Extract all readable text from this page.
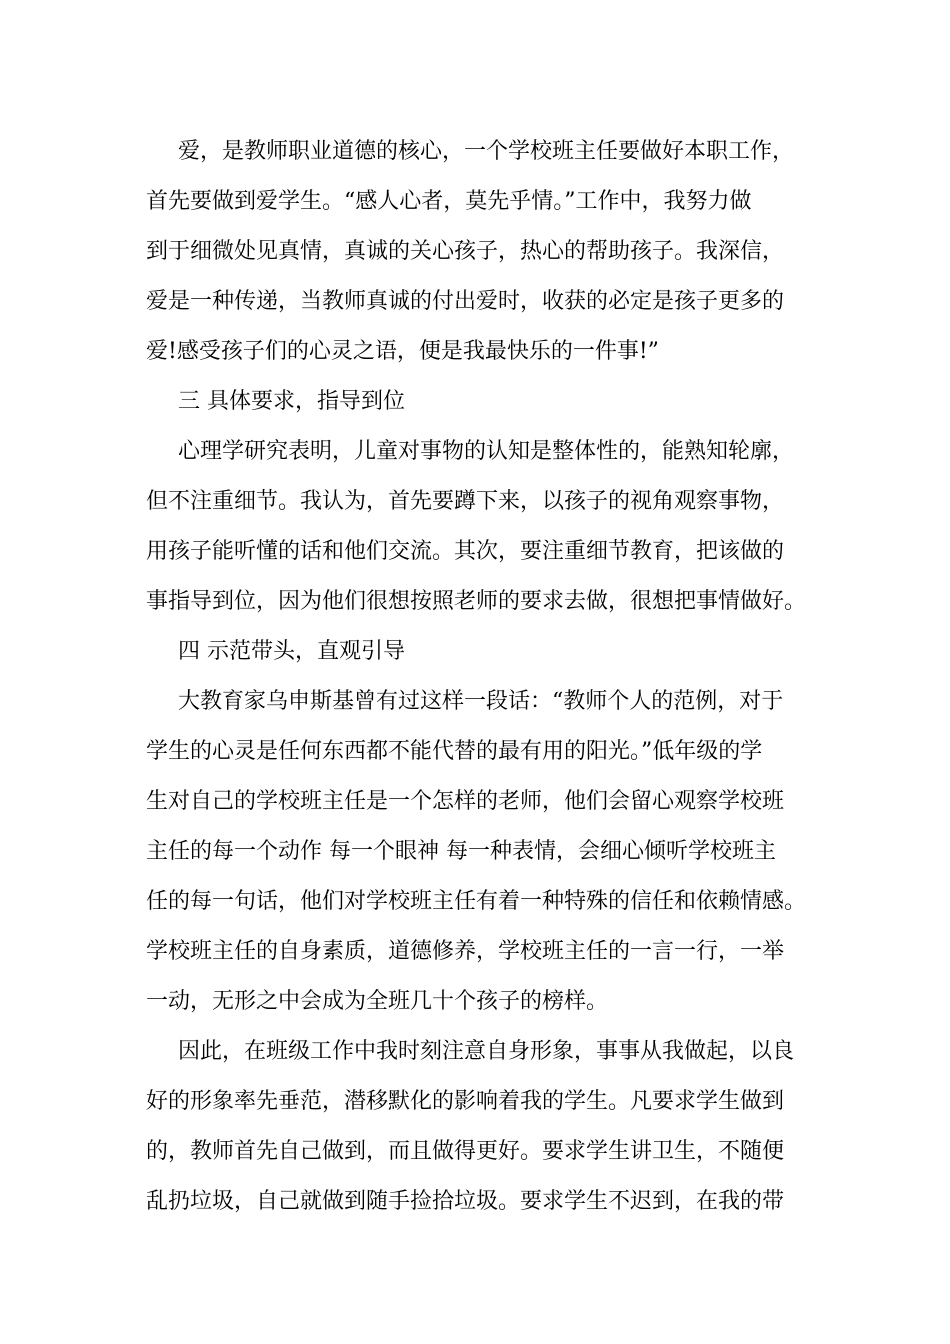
爱，是教师职业道德的核心，一个学校班主任要做好本职工作，
首先要做到爱学生。“感人心者，莫先乎情。”工作中，我努力做
到于细微处见真情，真诚的关心孩子，热心的帮助孩子。我深信，
爱是一种传递，当教师真诚的付出爱时，收获的必定是孩子更多的
爱!感受孩子们的心灵之语，便是我最快乐的一件事!”
三 具体要求，指导到位
心理学研究表明，儿童对事物的认知是整体性的，能熟知轮廓，
但不注重细节。我认为，首先要蹲下来，以孩子的视角观察事物，
用孩子能听懂的话和他们交流。其次，要注重细节教育，把该做的
事指导到位，因为他们很想按照老师的要求去做，很想把事情做好。
四 示范带头，直观引导
大教育家乌申斯基曾有过这样一段话：“教师个人的范例，对于
学生的心灵是任何东西都不能代替的最有用的阳光。”低年级的学
生对自己的学校班主任是一个怎样的老师，他们会留心观察学校班
主任的每一个动作 每一个眼神 每一种表情，会细心倾听学校班主
任的每一句话，他们对学校班主任有着一种特殊的信任和依赖情感。
学校班主任的自身素质，道德修养，学校班主任的一言一行，一举
一动，无形之中会成为全班几十个孩子的榜样。
因此，在班级工作中我时刻注意自身形象，事事从我做起，以良
好的形象率先垂范，潜移默化的影响着我的学生。凡要求学生做到
的，教师首先自己做到，而且做得更好。要求学生讲卫生，不随便
乱扔垃圾，自己就做到随手捡拾垃圾。要求学生不迟到，在我的带
